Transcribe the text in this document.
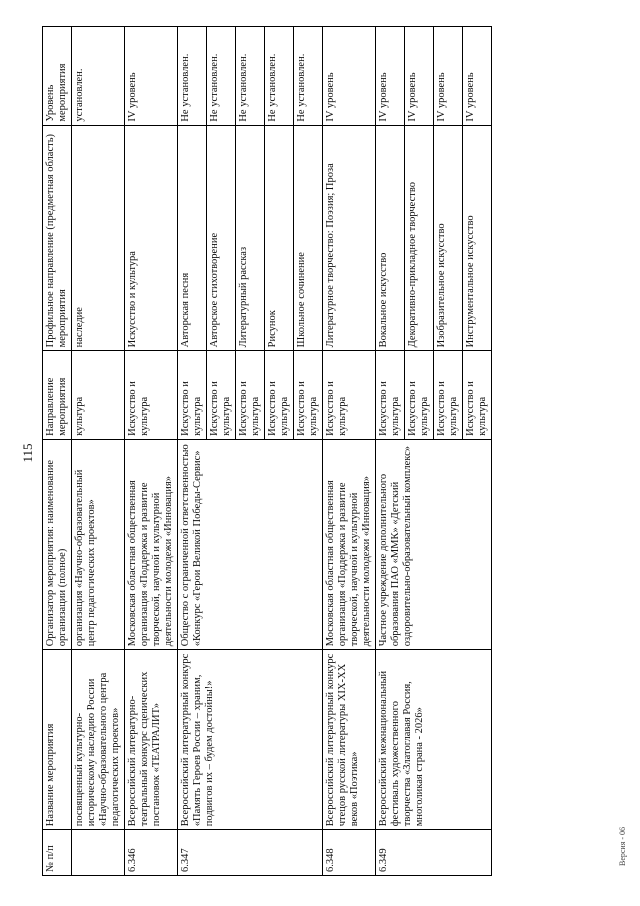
115
№ п/п	Название мероприятия	Организатор мероприятия: наименование организации (полное)	Направление мероприятия	Профильное направление (предметная область) мероприятия	Уровень мероприятия
	посвященный культурно-историческому наследию России «Научно-образовательного центра педагогических проектов»	организация «Научно-образовательный центр педагогических проектов»	культура	наследие	установлен.
6.346	Всероссийский литературно-театральный конкурс сценических постановок «ТЕАТРАЛИТ»	Московская областная общественная организация «Поддержка и развитие творческой, научной и культурной деятельности молодежи «Инновация»	Искусство и культура	Искусство и культура	IV уровень
6.347	Всероссийский литературный конкурс «Память Героев России – храним, подвигов их – будем достойны!»	Общество с ограниченной ответственностью «Конкурс «Герои Великой Победы-Сервис»	Искусство и культура	Авторская песня	Не установлен.
			Искусство и культура	Авторское стихотворение	Не установлен.
			Искусство и культура	Литературный рассказ	Не установлен.
			Искусство и культура	Рисунок	Не установлен.
			Искусство и культура	Школьное сочинение	Не установлен.
6.348	Всероссийский литературный конкурс чтецов русской литературы XIX-XX веков «Поэтика»	Московская областная общественная организация «Поддержка и развитие творческой, научной и культурной деятельности молодежи «Инновация»	Искусство и культура	Литературное творчество: Поэзия; Проза	IV уровень
6.349	Всероссийский межнациональный фестиваль художественного творчества «Златоглавая Россия, многоликая страна - 2026»	Частное учреждение дополнительного образования ПАО «ММК» «Детский оздоровительно-образовательный комплекс»	Искусство и культура	Вокальное искусство	IV уровень
			Искусство и культура	Декоративно-прикладное творчество	IV уровень
			Искусство и культура	Изобразительное искусство	IV уровень
			Искусство и культура	Инструментальное искусство	IV уровень
Версия - 06
